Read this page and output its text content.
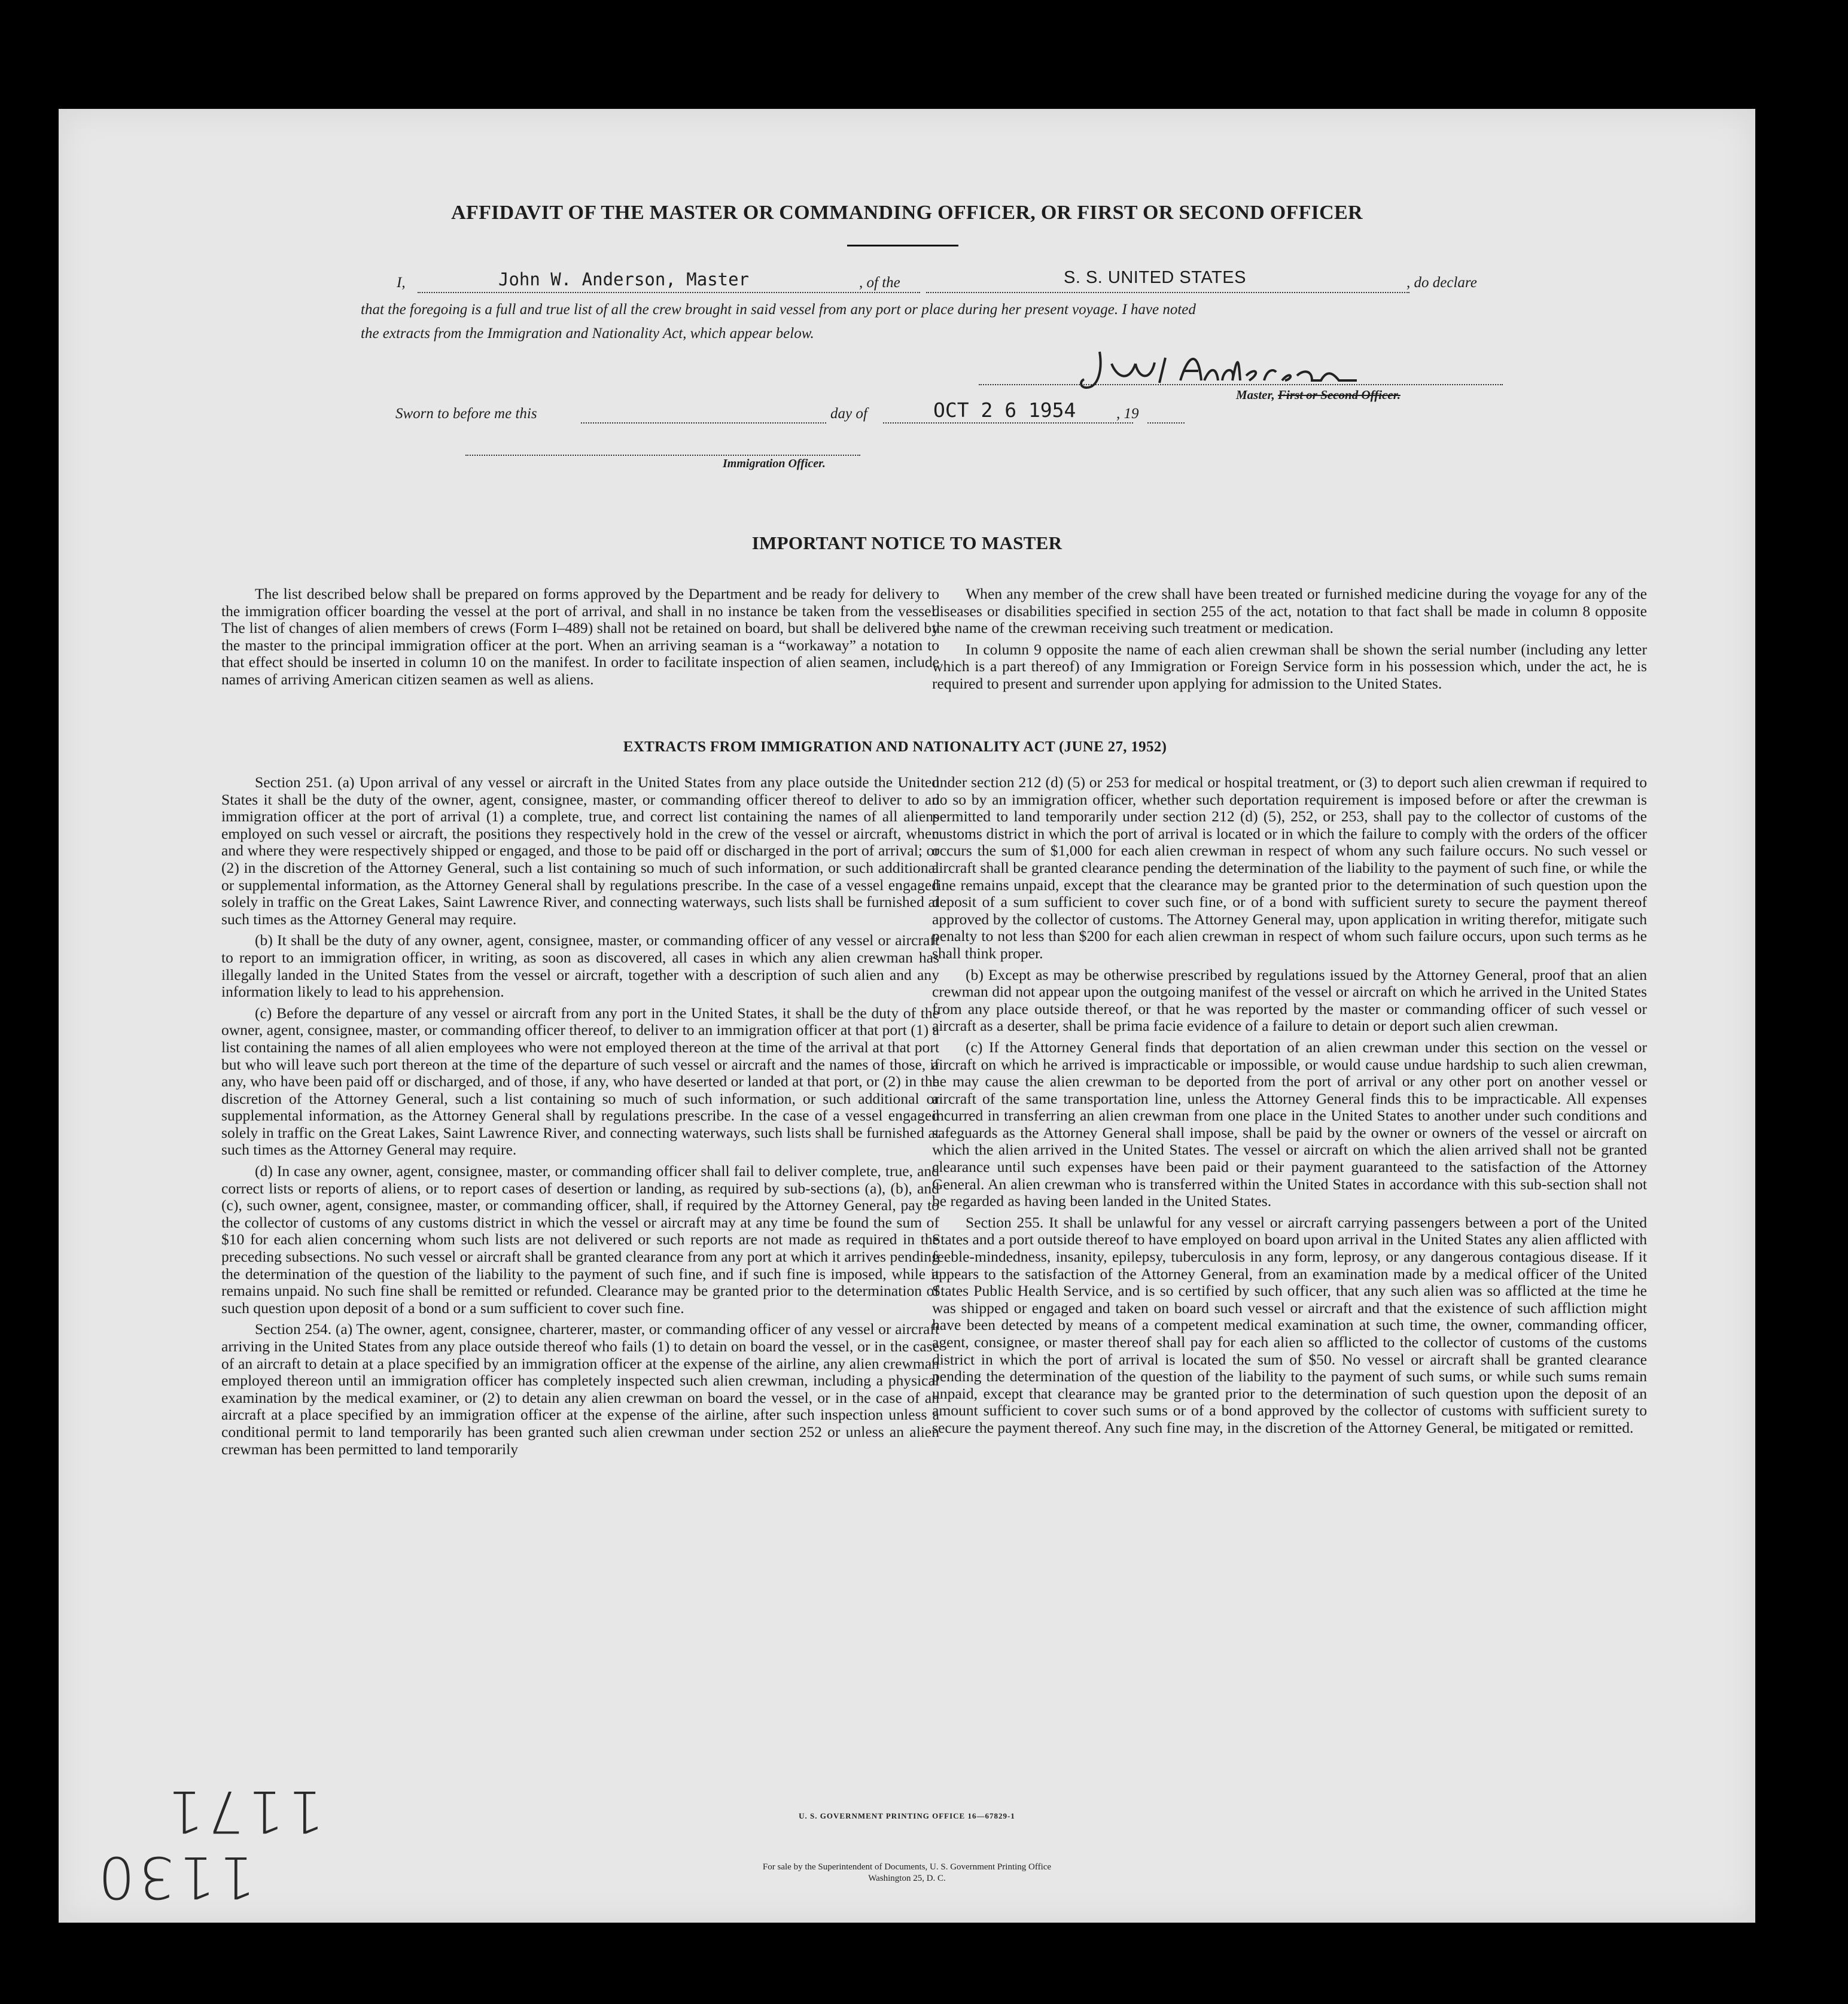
AFFIDAVIT OF THE MASTER OR COMMANDING OFFICER, OR FIRST OR SECOND OFFICER
I,	John W. Anderson, Master	, of the	S. S. UNITED STATES	, do declare
that the foregoing is a full and true list of all the crew brought in said vessel from any port or place during her present voyage. I have noted
the extracts from the Immigration and Nationality Act, which appear below.
Master, First or Second Officer.
Sworn to before me this	day of	OCT 2 6 1954	, 19
Immigration Officer.
IMPORTANT NOTICE TO MASTER

The list described below shall be prepared on forms approved by the Department and be ready for delivery to the immigration officer boarding the vessel at the port of arrival, and shall in no instance be taken from the vessel. The list of changes of alien members of crews (Form I–489) shall not be retained on board, but shall be delivered by the master to the principal immigration officer at the port. When an arriving seaman is a “workaway” a notation to that effect should be inserted in column 10 on the manifest. In order to facilitate inspection of alien seamen, include names of arriving American citizen seamen as well as aliens.

When any member of the crew shall have been treated or furnished medicine during the voyage for any of the diseases or disabilities specified in section 255 of the act, notation to that fact shall be made in column 8 opposite the name of the crewman receiving such treatment or medication.

In column 9 opposite the name of each alien crewman shall be shown the serial number (including any letter which is a part thereof) of any Immigration or Foreign Service form in his possession which, under the act, he is required to present and surrender upon applying for admission to the United States.

EXTRACTS FROM IMMIGRATION AND NATIONALITY ACT (JUNE 27, 1952)

Section 251. (a) Upon arrival of any vessel or aircraft in the United States from any place outside the United States it shall be the duty of the owner, agent, consignee, master, or commanding officer thereof to deliver to an immigration officer at the port of arrival (1) a complete, true, and correct list containing the names of all aliens employed on such vessel or aircraft, the positions they respectively hold in the crew of the vessel or aircraft, when and where they were respectively shipped or engaged, and those to be paid off or discharged in the port of arrival; or (2) in the discretion of the Attorney General, such a list containing so much of such information, or such additional or supplemental information, as the Attorney General shall by regulations prescribe. In the case of a vessel engaged solely in traffic on the Great Lakes, Saint Lawrence River, and connecting waterways, such lists shall be furnished at such times as the Attorney General may require.

(b) It shall be the duty of any owner, agent, consignee, master, or commanding officer of any vessel or aircraft to report to an immigration officer, in writing, as soon as discovered, all cases in which any alien crewman has illegally landed in the United States from the vessel or aircraft, together with a description of such alien and any information likely to lead to his apprehension.

(c) Before the departure of any vessel or aircraft from any port in the United States, it shall be the duty of the owner, agent, consignee, master, or commanding officer thereof, to deliver to an immigration officer at that port (1) a list containing the names of all alien employees who were not employed thereon at the time of the arrival at that port but who will leave such port thereon at the time of the departure of such vessel or aircraft and the names of those, if any, who have been paid off or discharged, and of those, if any, who have deserted or landed at that port, or (2) in the discretion of the Attorney General, such a list containing so much of such information, or such additional or supplemental information, as the Attorney General shall by regulations prescribe. In the case of a vessel engaged solely in traffic on the Great Lakes, Saint Lawrence River, and connecting waterways, such lists shall be furnished at such times as the Attorney General may require.

(d) In case any owner, agent, consignee, master, or commanding officer shall fail to deliver complete, true, and correct lists or reports of aliens, or to report cases of desertion or landing, as required by sub-sections (a), (b), and (c), such owner, agent, consignee, master, or commanding officer, shall, if required by the Attorney General, pay to the collector of customs of any customs district in which the vessel or aircraft may at any time be found the sum of $10 for each alien concerning whom such lists are not delivered or such reports are not made as required in the preceding subsections. No such vessel or aircraft shall be granted clearance from any port at which it arrives pending the determination of the question of the liability to the payment of such fine, and if such fine is imposed, while it remains unpaid. No such fine shall be remitted or refunded. Clearance may be granted prior to the determination of such question upon deposit of a bond or a sum sufficient to cover such fine.

Section 254. (a) The owner, agent, consignee, charterer, master, or commanding officer of any vessel or aircraft arriving in the United States from any place outside thereof who fails (1) to detain on board the vessel, or in the case of an aircraft to detain at a place specified by an immigration officer at the expense of the airline, any alien crewman employed thereon until an immigration officer has completely inspected such alien crewman, including a physical examination by the medical examiner, or (2) to detain any alien crewman on board the vessel, or in the case of an aircraft at a place specified by an immigration officer at the expense of the airline, after such inspection unless a conditional permit to land temporarily has been granted such alien crewman under section 252 or unless an alien crewman has been permitted to land temporarily

under section 212 (d) (5) or 253 for medical or hospital treatment, or (3) to deport such alien crewman if required to do so by an immigration officer, whether such deportation requirement is imposed before or after the crewman is permitted to land temporarily under section 212 (d) (5), 252, or 253, shall pay to the collector of customs of the customs district in which the port of arrival is located or in which the failure to comply with the orders of the officer occurs the sum of $1,000 for each alien crewman in respect of whom any such failure occurs. No such vessel or aircraft shall be granted clearance pending the determination of the liability to the payment of such fine, or while the fine remains unpaid, except that the clearance may be granted prior to the determination of such question upon the deposit of a sum sufficient to cover such fine, or of a bond with sufficient surety to secure the payment thereof approved by the collector of customs. The Attorney General may, upon application in writing therefor, mitigate such penalty to not less than $200 for each alien crewman in respect of whom such failure occurs, upon such terms as he shall think proper.

(b) Except as may be otherwise prescribed by regulations issued by the Attorney General, proof that an alien crewman did not appear upon the outgoing manifest of the vessel or aircraft on which he arrived in the United States from any place outside thereof, or that he was reported by the master or commanding officer of such vessel or aircraft as a deserter, shall be prima facie evidence of a failure to detain or deport such alien crewman.

(c) If the Attorney General finds that deportation of an alien crewman under this section on the vessel or aircraft on which he arrived is impracticable or impossible, or would cause undue hardship to such alien crewman, he may cause the alien crewman to be deported from the port of arrival or any other port on another vessel or aircraft of the same transportation line, unless the Attorney General finds this to be impracticable. All expenses incurred in transferring an alien crewman from one place in the United States to another under such conditions and safeguards as the Attorney General shall impose, shall be paid by the owner or owners of the vessel or aircraft on which the alien arrived in the United States. The vessel or aircraft on which the alien arrived shall not be granted clearance until such expenses have been paid or their payment guaranteed to the satisfaction of the Attorney General. An alien crewman who is transferred within the United States in accordance with this sub-section shall not be regarded as having been landed in the United States.

Section 255. It shall be unlawful for any vessel or aircraft carrying passengers between a port of the United States and a port outside thereof to have employed on board upon arrival in the United States any alien afflicted with feeble-mindedness, insanity, epilepsy, tuberculosis in any form, leprosy, or any dangerous contagious disease. If it appears to the satisfaction of the Attorney General, from an examination made by a medical officer of the United States Public Health Service, and is so certified by such officer, that any such alien was so afflicted at the time he was shipped or engaged and taken on board such vessel or aircraft and that the existence of such affliction might have been detected by means of a competent medical examination at such time, the owner, commanding officer, agent, consignee, or master thereof shall pay for each alien so afflicted to the collector of customs of the customs district in which the port of arrival is located the sum of $50. No vessel or aircraft shall be granted clearance pending the determination of the question of the liability to the payment of such sums, or while such sums remain unpaid, except that clearance may be granted prior to the determination of such question upon the deposit of an amount sufficient to cover such sums or of a bond approved by the collector of customs with sufficient surety to secure the payment thereof. Any such fine may, in the discretion of the Attorney General, be mitigated or remitted.

U. S. GOVERNMENT PRINTING OFFICE 16—67829-1
For sale by the Superintendent of Documents, U. S. Government Printing Office
Washington 25, D. C.
1171
1130
